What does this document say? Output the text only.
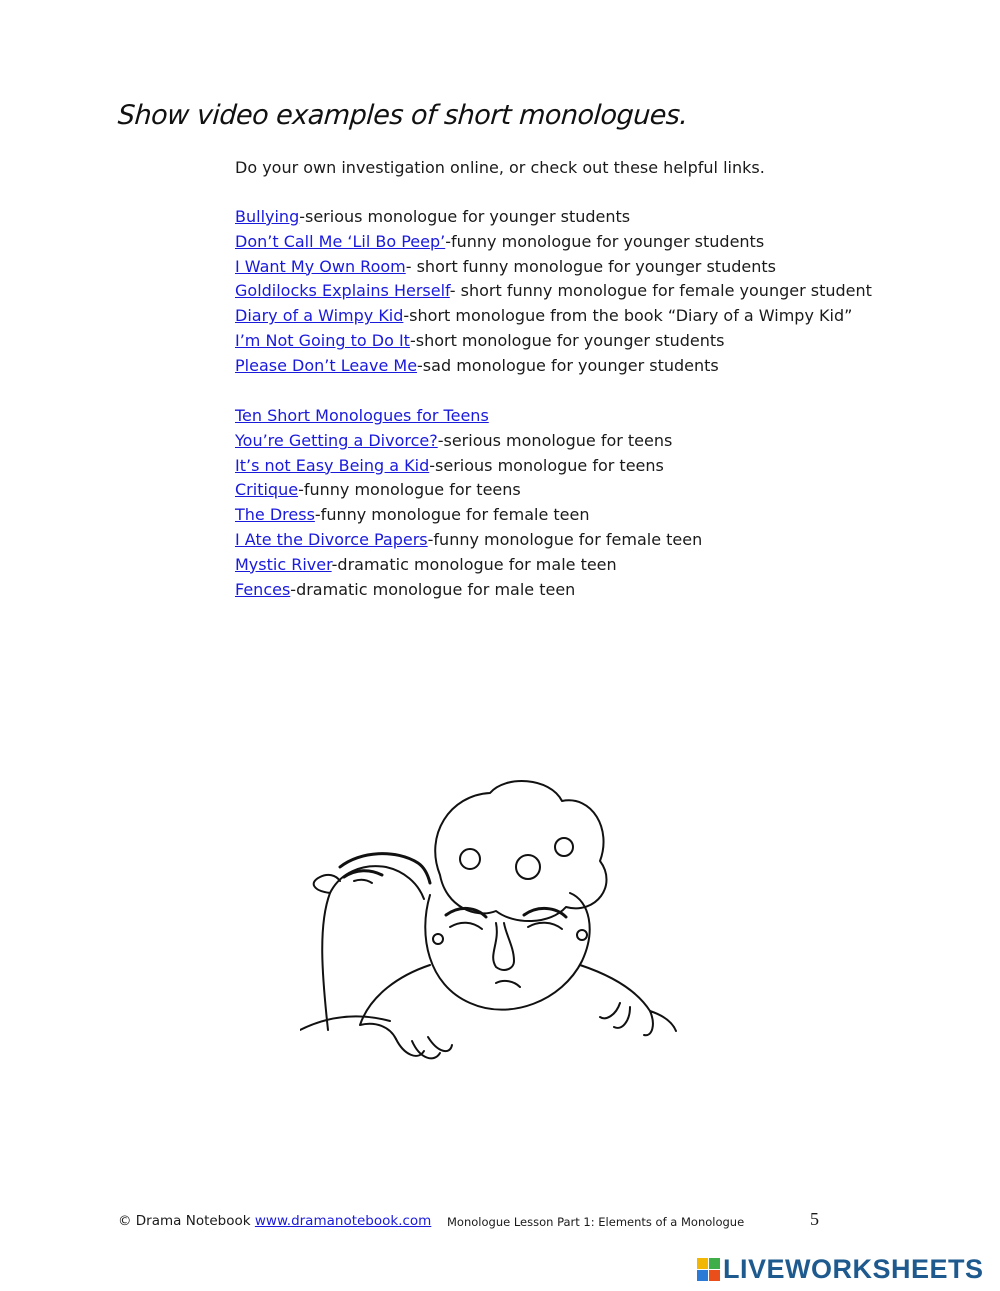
Show video examples of short monologues.
Do your own investigation online, or check out these helpful links.
Bullying-serious monologue for younger students
Don’t Call Me ‘Lil Bo Peep’-funny monologue for younger students
I Want My Own Room- short funny monologue for younger students
Goldilocks Explains Herself- short funny monologue for female younger student
Diary of a Wimpy Kid-short monologue from the book “Diary of a Wimpy Kid”
I’m Not Going to Do It-short monologue for younger students
Please Don’t Leave Me-sad monologue for younger students
Ten Short Monologues for Teens
You’re Getting a Divorce?-serious monologue for teens
It’s not Easy Being a Kid-serious monologue for teens
Critique-funny monologue for teens
The Dress-funny monologue for female teen
I Ate the Divorce Papers-funny monologue for female teen
Mystic River-dramatic monologue for male teen
Fences-dramatic monologue for male teen
© Drama Notebook www.dramanotebook.com Monologue Lesson Part 1: Elements of a Monologue	5
LIVEWORKSHEETS
